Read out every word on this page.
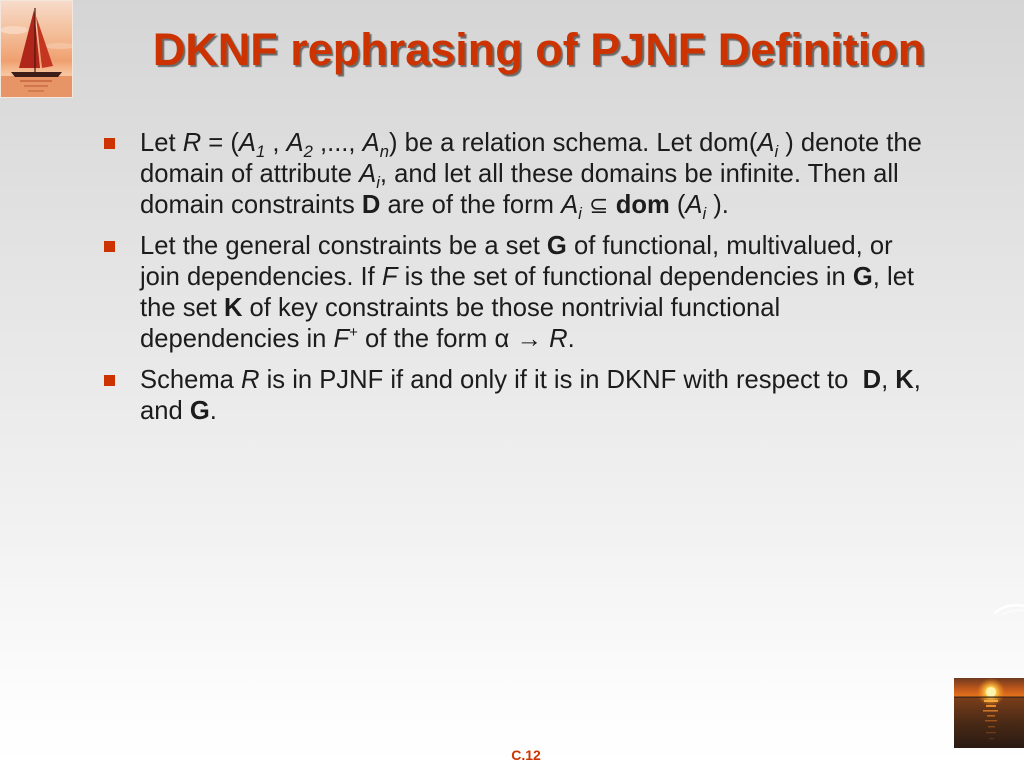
DKNF rephrasing of PJNF Definition
Let R = ( A 1 , A 2 ,..., A n ) be a relation schema. Let dom( A i ) denote the
domain of attribute A i , and let all these domains be infinite. Then all
domain constraints D are of the form A i ⊆ dom ( A i ).
Let the general constraints be a set G of functional, multivalued, or
join dependencies. If F is the set of functional dependencies in G , let
the set K of key constraints be those nontrivial functional
dependencies in F + of the form α → R .
Schema R is in PJNF if and only if it is in DKNF with respect to D , K ,
and G .
C.12
